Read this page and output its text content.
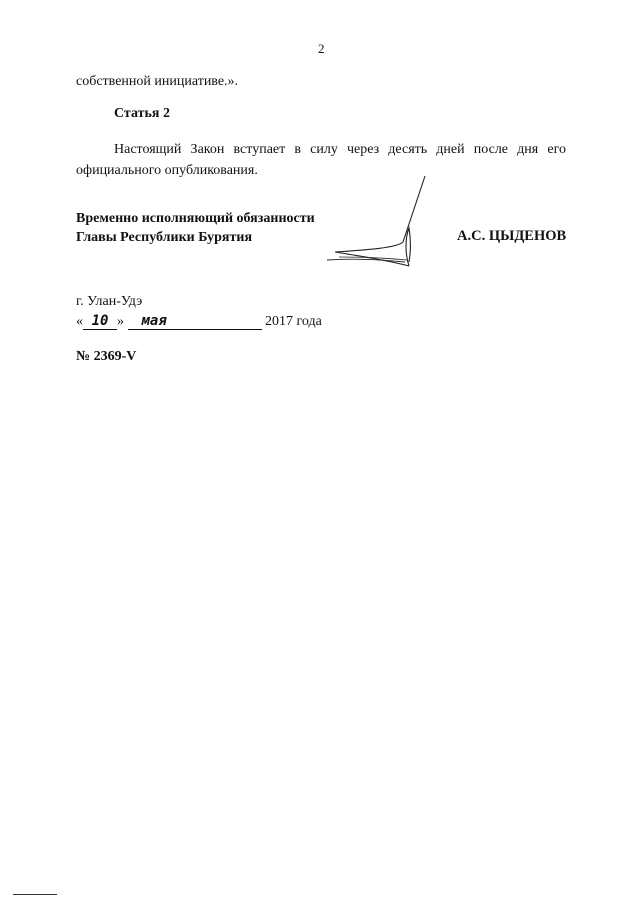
2
собственной инициативе.».
Статья 2
Настоящий Закон вступает в силу через десять дней после дня его официального опубликования.
Временно исполняющий обязанности
Главы Республики Бурятия	А.С. ЦЫДЕНОВ
г. Улан-Удэ
« 10 » мая	2017 года
№ 2369-V
